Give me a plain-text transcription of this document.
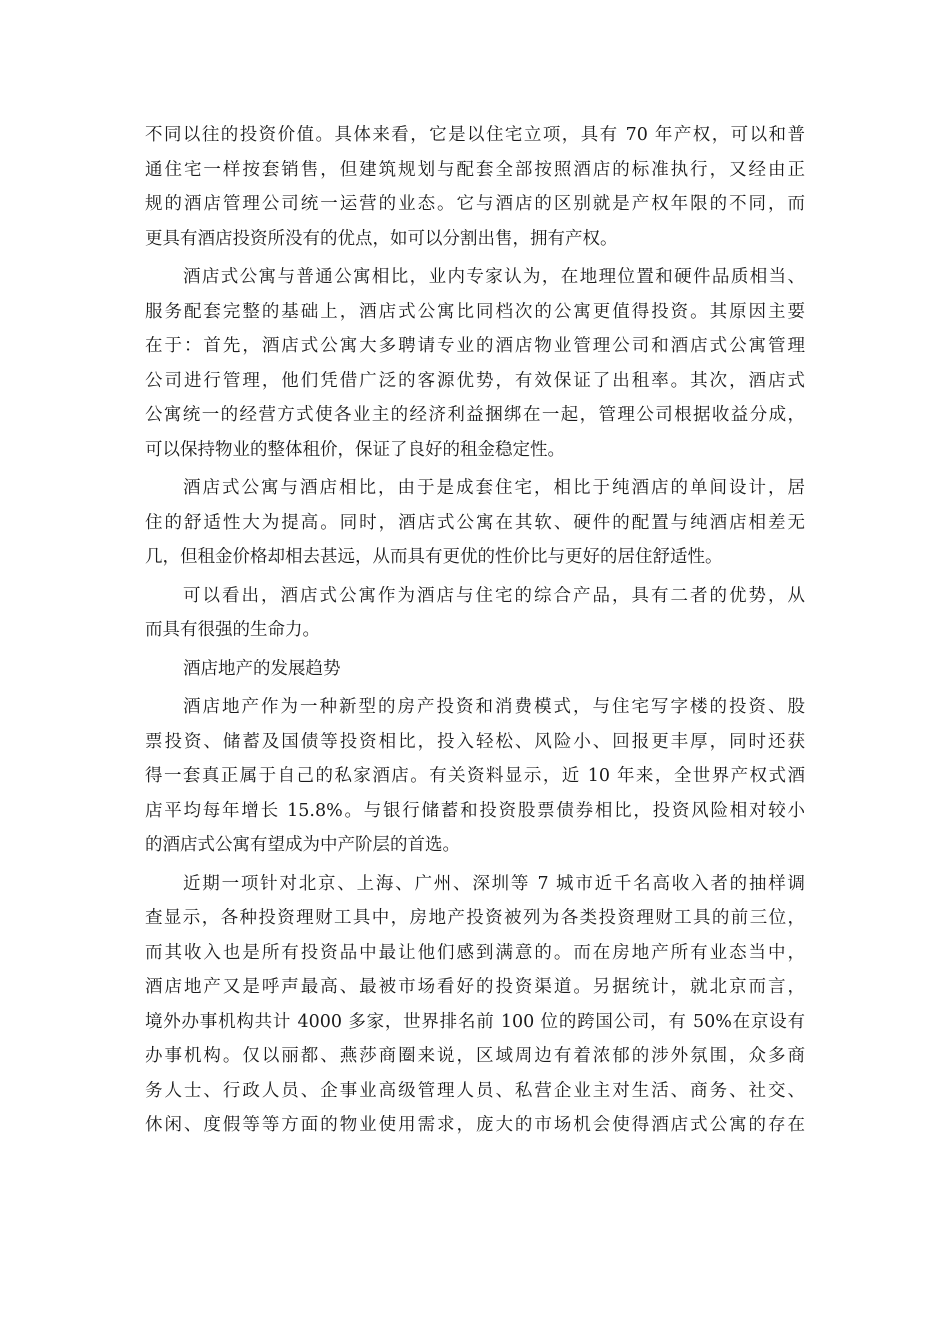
不同以往的投资价值。具体来看，它是以住宅立项，具有 70 年产权，可以和普
通住宅一样按套销售，但建筑规划与配套全部按照酒店的标准执行，又经由正
规的酒店管理公司统一运营的业态。它与酒店的区别就是产权年限的不同，而
更具有酒店投资所没有的优点，如可以分割出售，拥有产权。
酒店式公寓与普通公寓相比，业内专家认为，在地理位置和硬件品质相当、
服务配套完整的基础上，酒店式公寓比同档次的公寓更值得投资。其原因主要
在于：首先，酒店式公寓大多聘请专业的酒店物业管理公司和酒店式公寓管理
公司进行管理，他们凭借广泛的客源优势，有效保证了出租率。其次，酒店式
公寓统一的经营方式使各业主的经济利益捆绑在一起，管理公司根据收益分成，
可以保持物业的整体租价，保证了良好的租金稳定性。
酒店式公寓与酒店相比，由于是成套住宅，相比于纯酒店的单间设计，居
住的舒适性大为提高。同时，酒店式公寓在其软、硬件的配置与纯酒店相差无
几，但租金价格却相去甚远，从而具有更优的性价比与更好的居住舒适性。
可以看出，酒店式公寓作为酒店与住宅的综合产品，具有二者的优势，从
而具有很强的生命力。
酒店地产的发展趋势
酒店地产作为一种新型的房产投资和消费模式，与住宅写字楼的投资、股
票投资、储蓄及国债等投资相比，投入轻松、风险小、回报更丰厚，同时还获
得一套真正属于自己的私家酒店。有关资料显示，近 10 年来，全世界产权式酒
店平均每年增长 15.8%。与银行储蓄和投资股票债券相比，投资风险相对较小
的酒店式公寓有望成为中产阶层的首选。
近期一项针对北京、上海、广州、深圳等 7 城市近千名高收入者的抽样调
查显示，各种投资理财工具中，房地产投资被列为各类投资理财工具的前三位，
而其收入也是所有投资品中最让他们感到满意的。而在房地产所有业态当中，
酒店地产又是呼声最高、最被市场看好的投资渠道。另据统计，就北京而言，
境外办事机构共计 4000 多家，世界排名前 100 位的跨国公司，有 50%在京设有
办事机构。仅以丽都、燕莎商圈来说，区域周边有着浓郁的涉外氛围，众多商
务人士、行政人员、企事业高级管理人员、私营企业主对生活、商务、社交、
休闲、度假等等方面的物业使用需求，庞大的市场机会使得酒店式公寓的存在
